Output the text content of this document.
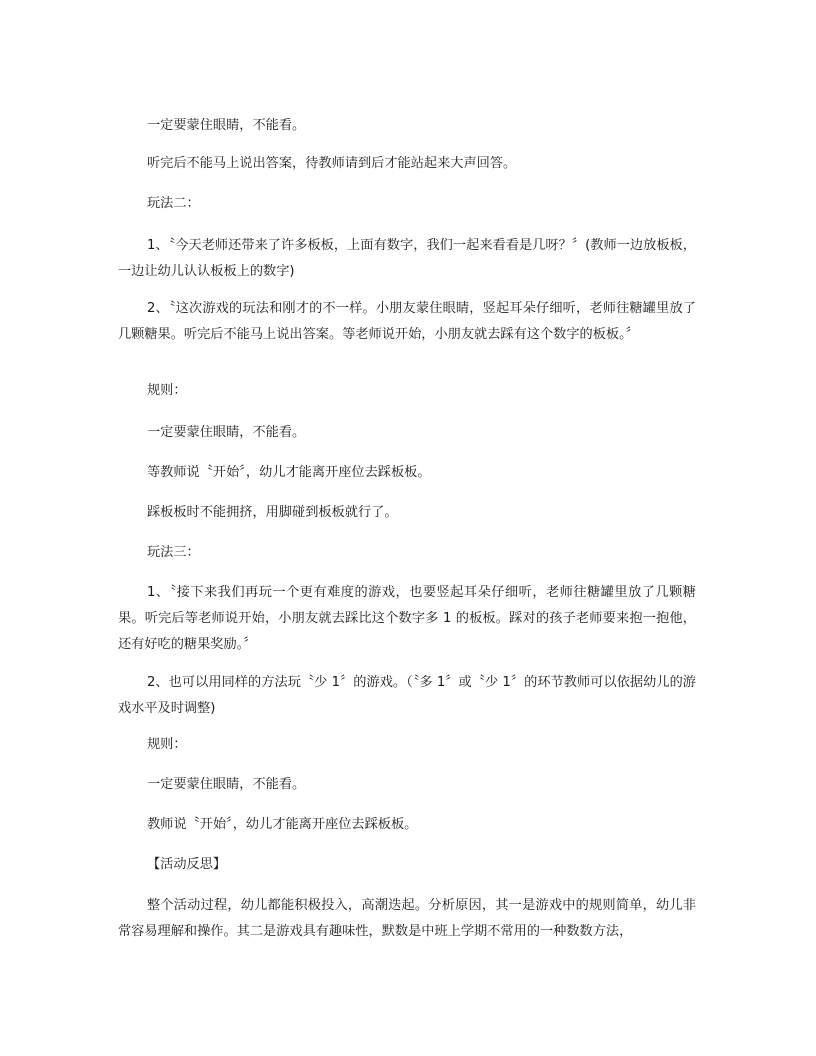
一定要蒙住眼睛，不能看。

听完后不能马上说出答案，待教师请到后才能站起来大声回答。

玩法二：

1、〝今天老师还带来了许多板板，上面有数字，我们一起来看看是几呀？〞(教师一边放板板，一边让幼儿认认板板上的数字)

2、〝这次游戏的玩法和刚才的不一样。小朋友蒙住眼睛，竖起耳朵仔细听，老师往糖罐里放了几颗糖果。听完后不能马上说出答案。等老师说开始，小朋友就去踩有这个数字的板板。〞

规则：

一定要蒙住眼睛，不能看。

等教师说〝开始〞，幼儿才能离开座位去踩板板。

踩板板时不能拥挤，用脚碰到板板就行了。

玩法三：

1、〝接下来我们再玩一个更有难度的游戏，也要竖起耳朵仔细听，老师往糖罐里放了几颗糖果。听完后等老师说开始，小朋友就去踩比这个数字多 1 的板板。踩对的孩子老师要来抱一抱他，还有好吃的糖果奖励。〞

2、也可以用同样的方法玩〝少 1〞的游戏。（〝多 1〞或〝少 1〞的环节教师可以依据幼儿的游戏水平及时调整)

规则：

一定要蒙住眼睛，不能看。

教师说〝开始〞，幼儿才能离开座位去踩板板。

【活动反思】

整个活动过程，幼儿都能积极投入，高潮迭起。分析原因，其一是游戏中的规则简单，幼儿非常容易理解和操作。其二是游戏具有趣味性，默数是中班上学期不常用的一种数数方法，
